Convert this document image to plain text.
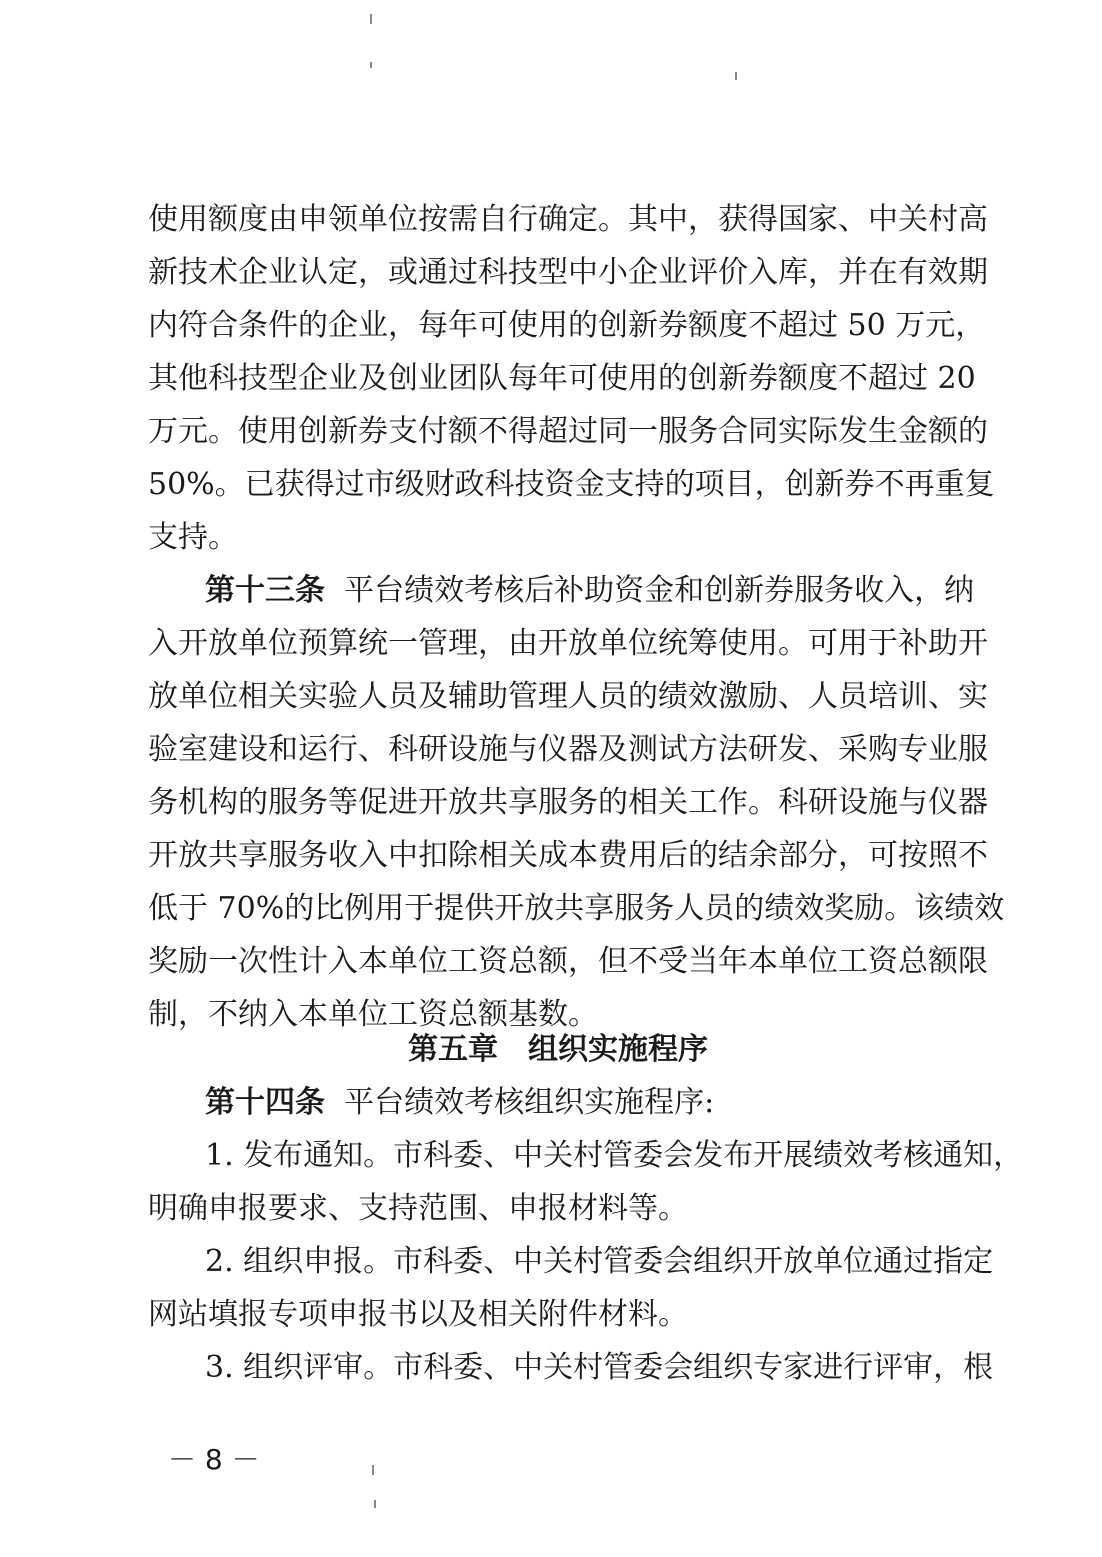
使用额度由申领单位按需自行确定。其中，获得国家、中关村高
新技术企业认定，或通过科技型中小企业评价入库，并在有效期
内符合条件的企业，每年可使用的创新券额度不超过 50 万元，
其他科技型企业及创业团队每年可使用的创新券额度不超过 20
万元。使用创新券支付额不得超过同一服务合同实际发生金额的
50%。已获得过市级财政科技资金支持的项目，创新券不再重复
支持。
第十三条 平台绩效考核后补助资金和创新券服务收入，纳
入开放单位预算统一管理，由开放单位统筹使用。可用于补助开
放单位相关实验人员及辅助管理人员的绩效激励、人员培训、实
验室建设和运行、科研设施与仪器及测试方法研发、采购专业服
务机构的服务等促进开放共享服务的相关工作。科研设施与仪器
开放共享服务收入中扣除相关成本费用后的结余部分，可按照不
低于 70%的比例用于提供开放共享服务人员的绩效奖励。该绩效
奖励一次性计入本单位工资总额，但不受当年本单位工资总额限
制，不纳入本单位工资总额基数。
第五章　组织实施程序
第十四条 平台绩效考核组织实施程序:
1. 发布通知。市科委、中关村管委会发布开展绩效考核通知，
明确申报要求、支持范围、申报材料等。
2. 组织申报。市科委、中关村管委会组织开放单位通过指定
网站填报专项申报书以及相关附件材料。
3. 组织评审。市科委、中关村管委会组织专家进行评审，根
－ 8 －
